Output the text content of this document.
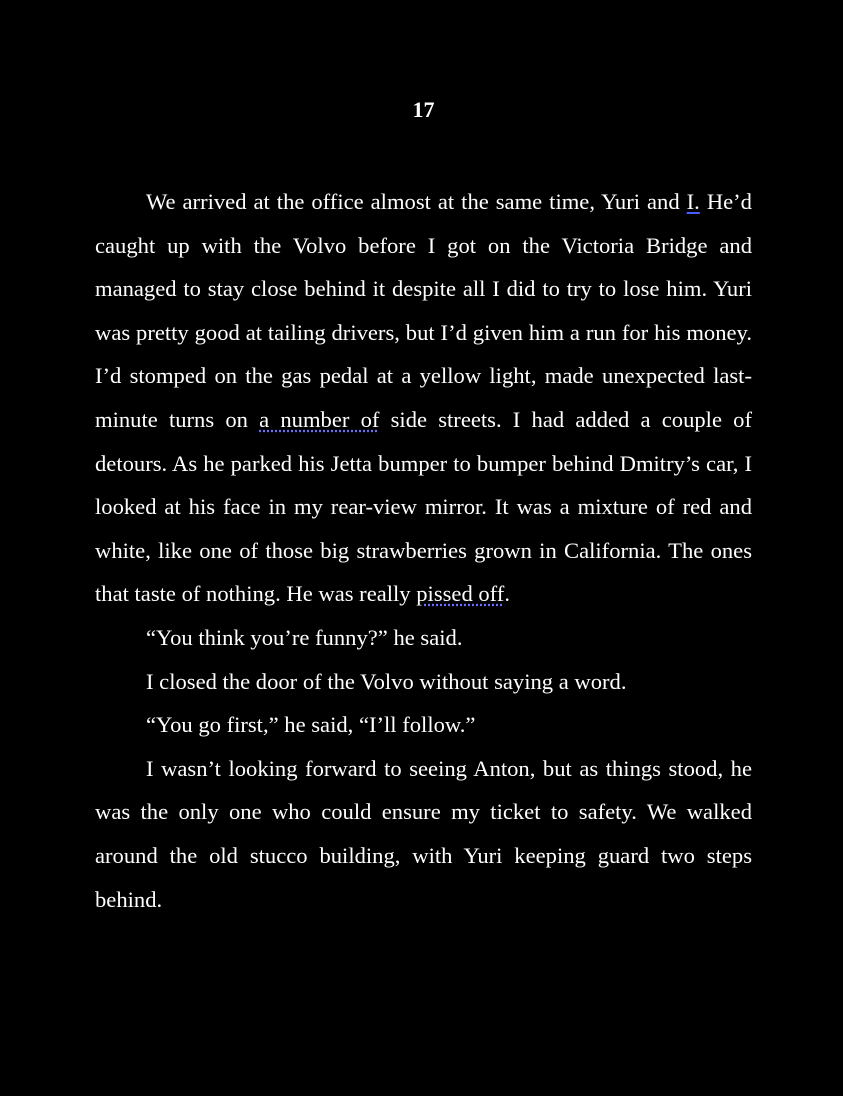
17

We arrived at the office almost at the same time, Yuri and I. He’d caught up with the Volvo before I got on the Victoria Bridge and managed to stay close behind it despite all I did to try to lose him. Yuri was pretty good at tailing drivers, but I’d given him a run for his money. I’d stomped on the gas pedal at a yellow light, made unexpected last-minute turns on a number of side streets. I had added a couple of detours. As he parked his Jetta bumper to bumper behind Dmitry’s car, I looked at his face in my rear-view mirror. It was a mixture of red and white, like one of those big strawberries grown in California. The ones that taste of nothing. He was really pissed off.

“You think you’re funny?” he said.

I closed the door of the Volvo without saying a word.

“You go first,” he said, “I’ll follow.”

I wasn’t looking forward to seeing Anton, but as things stood, he was the only one who could ensure my ticket to safety. We walked around the old stucco building, with Yuri keeping guard two steps behind.
